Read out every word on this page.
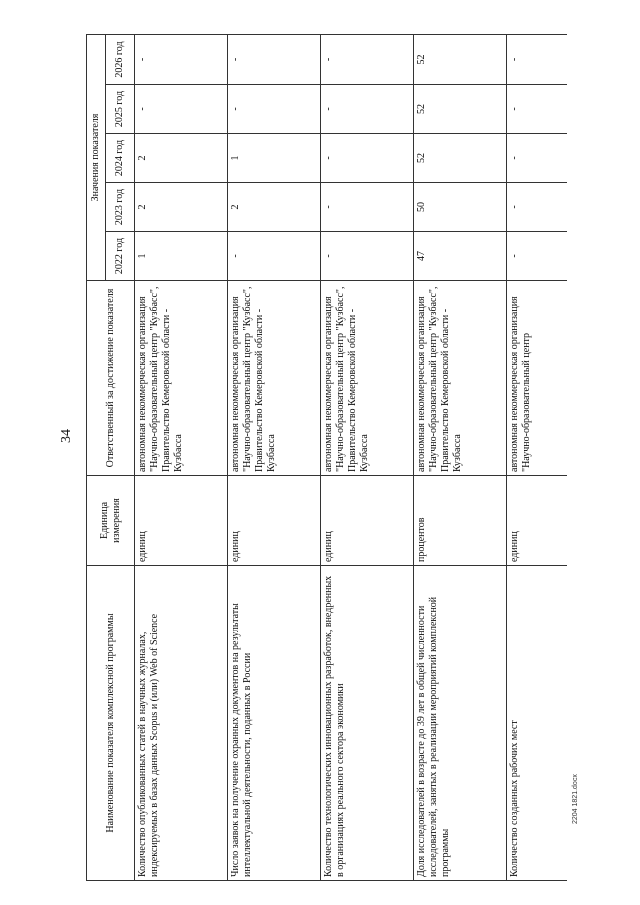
34
2204 1821.docx
Наименование показателя комплексной программы	Единица измерения	Ответственный за достижение показателя	Значения показателя				
			2022 год	2023 год	2024 год	2025 год	2026 год
Количество опубликованных статей в научных журналах, индексируемых в базах данных Scopus и (или) Web of Science	единиц	автономная некоммерческая организация "Научно-образовательный центр "Кузбасс", Правительство Кемеровской области - Кузбасса	1	2	2	-	-
Число заявок на получение охранных документов на результаты интеллектуальной деятельности, поданных в России	единиц	автономная некоммерческая организация "Научно-образовательный центр "Кузбасс", Правительство Кемеровской области - Кузбасса	-	2	1	-	-
Количество технологических инновационных разработок, внедренных в организациях реального сектора экономики	единиц	автономная некоммерческая организация "Научно-образовательный центр "Кузбасс", Правительство Кемеровской области - Кузбасса	-	-	-	-	-
Доля исследователей в возрасте до 39 лет в общей численности исследователей, занятых в реализации мероприятий комплексной программы	процентов	автономная некоммерческая организация "Научно-образовательный центр "Кузбасс", Правительство Кемеровской области - Кузбасса	47	50	52	52	52
Количество созданных рабочих мест	единиц	автономная некоммерческая организация "Научно-образовательный центр	-	-	-	-	-
